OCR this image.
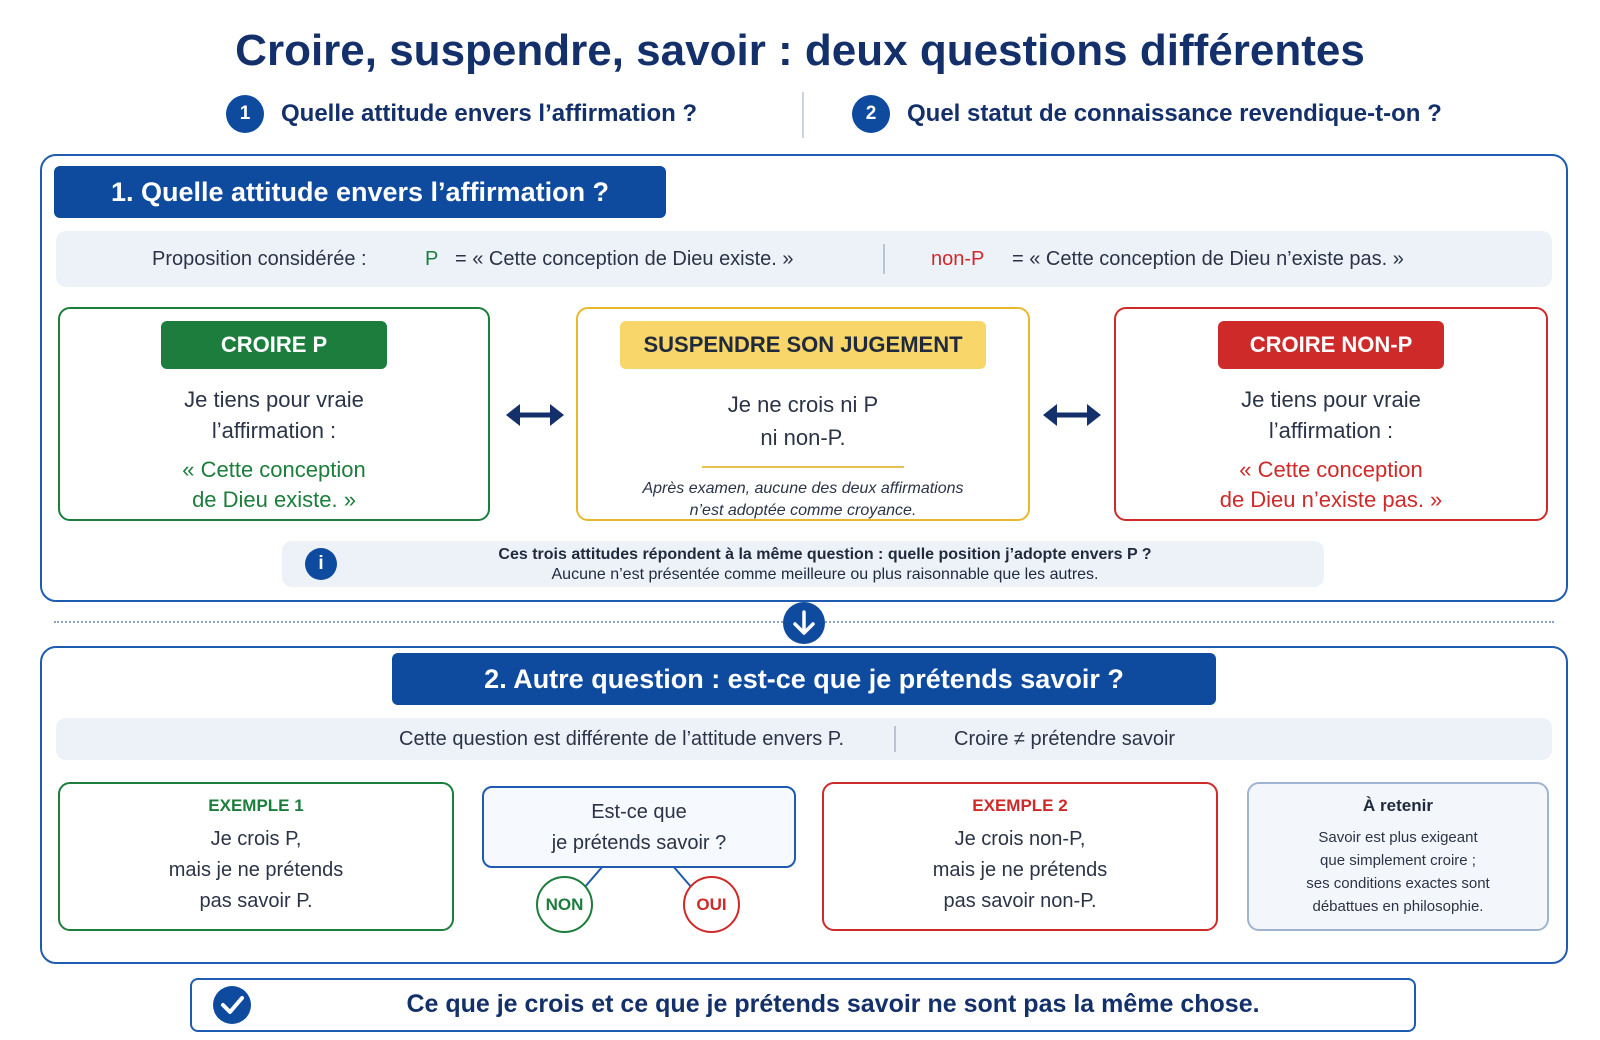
Croire, suspendre, savoir : deux questions différentes
1	Quelle attitude envers l’affirmation ?	2	Quel statut de connaissance revendique-t-on ?
1. Quelle attitude envers l’affirmation ?
Proposition considérée :	P = « Cette conception de Dieu existe. »	non-P = « Cette conception de Dieu n’existe pas. »
CROIRE P
Je tiens pour vraie
l’affirmation :
« Cette conception
de Dieu existe. »
SUSPENDRE SON JUGEMENT
Je ne crois ni P
ni non-P.
Après examen, aucune des deux affirmations
n’est adoptée comme croyance.
CROIRE NON-P
Je tiens pour vraie
l’affirmation :
« Cette conception
de Dieu n’existe pas. »
i	Ces trois attitudes répondent à la même question : quelle position j’adopte envers P ?
Aucune n’est présentée comme meilleure ou plus raisonnable que les autres.
2. Autre question : est-ce que je prétends savoir ?
Cette question est différente de l’attitude envers P.	Croire ≠ prétendre savoir
EXEMPLE 1
Je crois P,
mais je ne prétends
pas savoir P.
Est-ce que
je prétends savoir ?
NON	OUI
EXEMPLE 2
Je crois non-P,
mais je ne prétends
pas savoir non-P.
À retenir
Savoir est plus exigeant
que simplement croire ;
ses conditions exactes sont
débattues en philosophie.
Ce que je crois et ce que je prétends savoir ne sont pas la même chose.
